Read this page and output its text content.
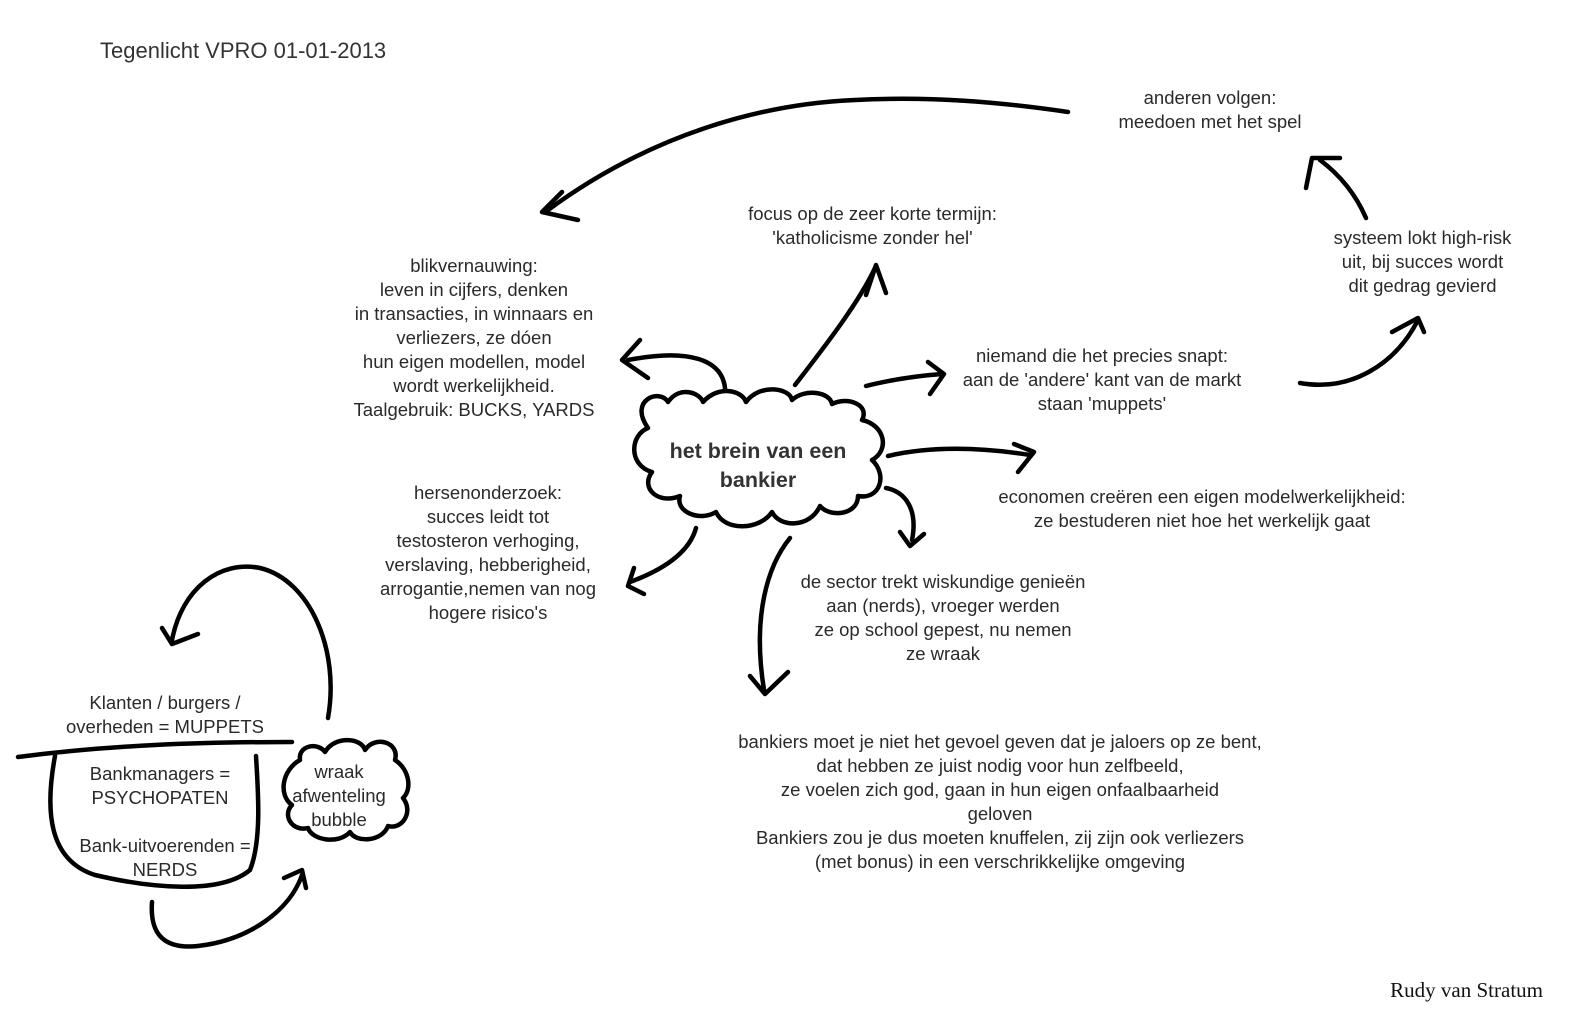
Tegenlicht VPRO 01-01-2013
het brein van een
bankier
anderen volgen:
meedoen met het spel
focus op de zeer korte termijn:
'katholicisme zonder hel'	systeem lokt high-risk
uit, bij succes wordt
dit gedrag gevierd
blikvernauwing:
leven in cijfers, denken
in transacties, in winnaars en
verliezers, ze dóen
hun eigen modellen, model
wordt werkelijkheid.
Taalgebruik: BUCKS, YARDS
niemand die het precies snapt:
aan de 'andere' kant van de markt
staan 'muppets'
economen creëren een eigen modelwerkelijkheid:
ze bestuderen niet hoe het werkelijk gaat
hersenonderzoek:
succes leidt tot
testosteron verhoging,
verslaving, hebberigheid,
arrogantie,nemen van nog
hogere risico's
de sector trekt wiskundige genieën
aan (nerds), vroeger werden
ze op school gepest, nu nemen
ze wraak
bankiers moet je niet het gevoel geven dat je jaloers op ze bent,
dat hebben ze juist nodig voor hun zelfbeeld,
ze voelen zich god, gaan in hun eigen onfaalbaarheid
geloven
Bankiers zou je dus moeten knuffelen, zij zijn ook verliezers
(met bonus) in een verschrikkelijke omgeving
Klanten / burgers /
overheden = MUPPETS
Bankmanagers =
PSYCHOPATEN
Bank-uitvoerenden =
NERDS
wraak
afwenteling
bubble
Rudy van Stratum
